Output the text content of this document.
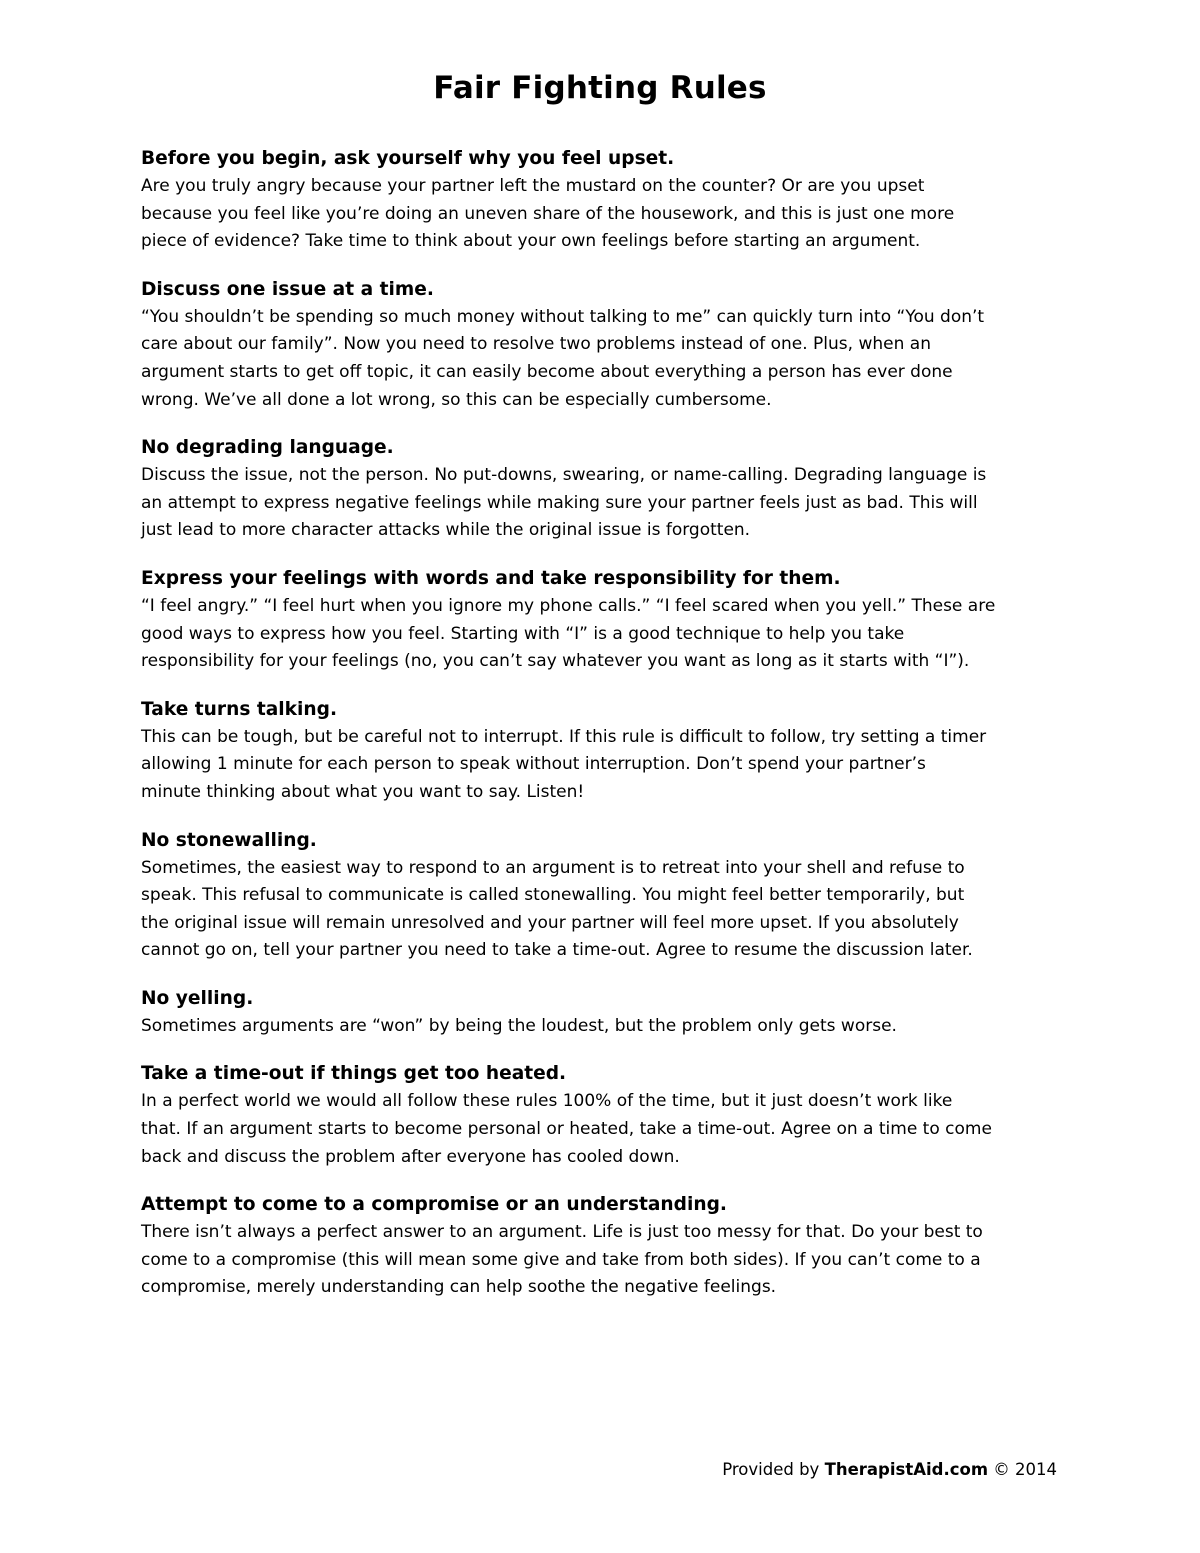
Fair Fighting Rules

Before you begin, ask yourself why you feel upset.

Are you truly angry because your partner left the mustard on the counter? Or are you upset
because you feel like you’re doing an uneven share of the housework, and this is just one more
piece of evidence? Take time to think about your own feelings before starting an argument.

Discuss one issue at a time.

“You shouldn’t be spending so much money without talking to me” can quickly turn into “You don’t
care about our family”. Now you need to resolve two problems instead of one. Plus, when an
argument starts to get off topic, it can easily become about everything a person has ever done
wrong. We’ve all done a lot wrong, so this can be especially cumbersome.

No degrading language.

Discuss the issue, not the person. No put-downs, swearing, or name-calling. Degrading language is
an attempt to express negative feelings while making sure your partner feels just as bad. This will
just lead to more character attacks while the original issue is forgotten.

Express your feelings with words and take responsibility for them.

“I feel angry.” “I feel hurt when you ignore my phone calls.” “I feel scared when you yell.” These are
good ways to express how you feel. Starting with “I” is a good technique to help you take
responsibility for your feelings (no, you can’t say whatever you want as long as it starts with “I”).

Take turns talking.

This can be tough, but be careful not to interrupt. If this rule is difficult to follow, try setting a timer
allowing 1 minute for each person to speak without interruption. Don’t spend your partner’s
minute thinking about what you want to say. Listen!

No stonewalling.

Sometimes, the easiest way to respond to an argument is to retreat into your shell and refuse to
speak. This refusal to communicate is called stonewalling. You might feel better temporarily, but
the original issue will remain unresolved and your partner will feel more upset. If you absolutely
cannot go on, tell your partner you need to take a time-out. Agree to resume the discussion later.

No yelling.

Sometimes arguments are “won” by being the loudest, but the problem only gets worse.

Take a time-out if things get too heated.

In a perfect world we would all follow these rules 100% of the time, but it just doesn’t work like
that. If an argument starts to become personal or heated, take a time-out. Agree on a time to come
back and discuss the problem after everyone has cooled down.

Attempt to come to a compromise or an understanding.

There isn’t always a perfect answer to an argument. Life is just too messy for that. Do your best to
come to a compromise (this will mean some give and take from both sides). If you can’t come to a
compromise, merely understanding can help soothe the negative feelings.

Provided by TherapistAid.com © 2014
